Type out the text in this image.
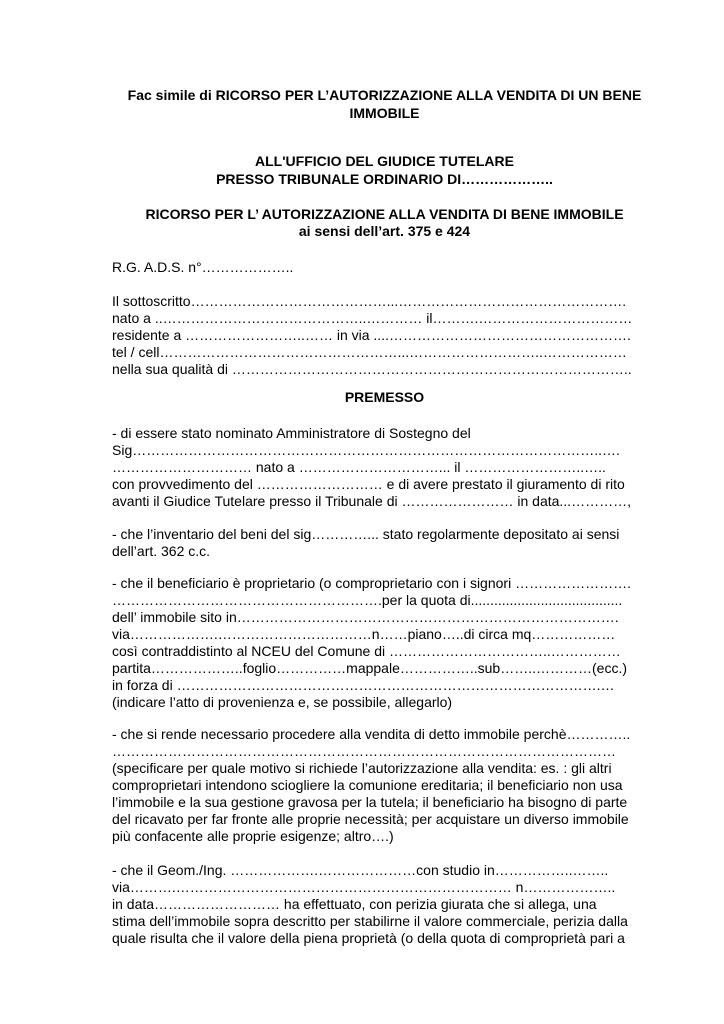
Fac simile di RICORSO PER L’AUTORIZZAZIONE ALLA VENDITA DI UN BENE
IMMOBILE
ALL'UFFICIO DEL GIUDICE TUTELARE
PRESSO TRIBUNALE ORDINARIO DI………………..
RICORSO PER L’ AUTORIZZAZIONE ALLA VENDITA DI BENE IMMOBILE
ai sensi dell’art. 375 e 424
R.G. A.D.S. n°………………..
Il sottoscritto……………………………………...………………………………………….
nato a ..……………………………………..………… il……….……………………………
residente a ……………………..…… in via ....…………………………………………….
tel / cell……………………………………………...………………………..………………
nella sua qualità di …………………………………………………………………………..
PREMESSO
- di essere stato nominato Amministratore di Sostegno del
Sig………………………………………………………………………………………..….
………………………… nato a …………………………... il ……………………..…..
con provvedimento del ……………………… e di avere prestato il giuramento di rito
avanti il Giudice Tutelare presso il Tribunale di …………………… in data...…………,
- che l’inventario del beni del sig…………... stato regolarmente depositato ai sensi
dell’art. 362 c.c.
- che il beneficiario è proprietario (o comproprietario con i signori …………………….
………………………………………………….per la quota di.......................................
dell’ immobile sito in……………………………………………………………………….
via……………….……………………………n……piano…..di circa mq………………
così contraddistinto al NCEU del Comune di ……………………………..……………
partita………………..foglio……………mappale……………..sub……..…………(ecc.)
in forza di ……………………………………………………………………………….…
(indicare l’atto di provenienza e, se possibile, allegarlo)
- che si rende necessario procedere alla vendita di detto immobile perchè…………..
………………………………………………………………………………………………
(specificare per quale motivo si richiede l’autorizzazione alla vendita: es. : gli altri
comproprietari intendono sciogliere la comunione ereditaria; il beneficiario non usa
l’immobile e la sua gestione gravosa per la tutela; il beneficiario ha bisogno di parte
del ricavato per far fronte alle proprie necessità; per acquistare un diverso immobile
più confacente alle proprie esigenze; altro….)
- che il Geom./Ing. ……………….…………………con studio in……………..……..
via……….……………………………………………………………… n………………..
in data……………………… ha effettuato, con perizia giurata che si allega, una
stima dell’immobile sopra descritto per stabilirne il valore commerciale, perizia dalla
quale risulta che il valore della piena proprietà (o della quota di comproprietà pari a
